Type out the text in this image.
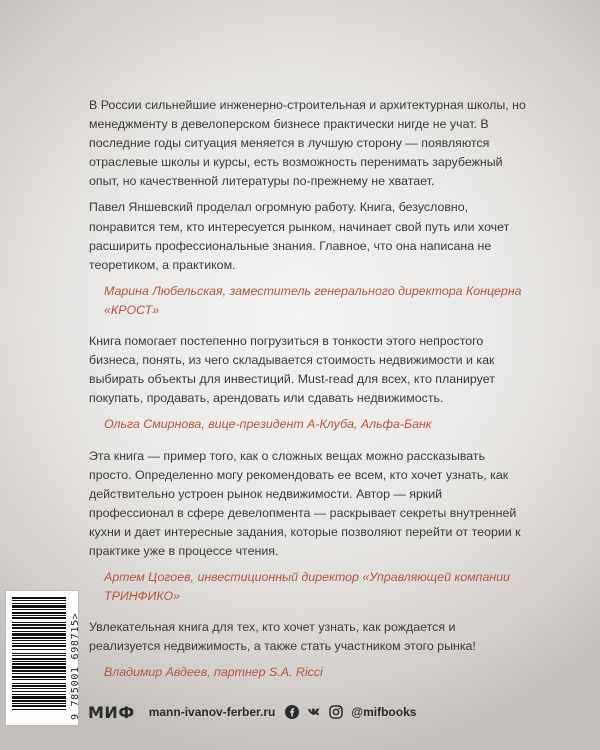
В России сильнейшие инженерно-строительная и архитектурная школы, но менеджменту в девелоперском бизнесе практически нигде не учат. В последние годы ситуация меняется в лучшую сторону — появляются отраслевые школы и курсы, есть возможность перенимать зарубежный опыт, но качественной литературы по-прежнему не хватает.

Павел Яншевский проделал огромную работу. Книга, безусловно, понравится тем, кто интересуется рынком, начинает свой путь или хочет расширить профессиональные знания. Главное, что она написана не теоретиком, а практиком.

Марина Любельская, заместитель генерального директора Концерна «КРОСТ»

Книга помогает постепенно погрузиться в тонкости этого непростого бизнеса, понять, из чего складывается стоимость недвижимости и как выбирать объекты для инвестиций. Must-read для всех, кто планирует покупать, продавать, арендовать или сдавать недвижимость.

Ольга Смирнова, вице-президент А-Клуба, Альфа-Банк

Эта книга — пример того, как о сложных вещах можно рассказывать просто. Определенно могу рекомендовать ее всем, кто хочет узнать, как действительно устроен рынок недвижимости. Автор — яркий профессионал в сфере девелопмента — раскрывает секреты внутренней кухни и дает интересные задания, которые позволяют перейти от теории к практике уже в процессе чтения.

Артем Цогоев, инвестиционный директор «Управляющей компании ТРИНФИКО»

Увлекательная книга для тех, кто хочет узнать, как рождается и реализуется недвижимость, а также стать участником этого рынка!

Владимир Авдеев, партнер S.A. Ricci

9 785001 698715>
МИФ mann-ivanov-ferber.ru	@mifbooks
